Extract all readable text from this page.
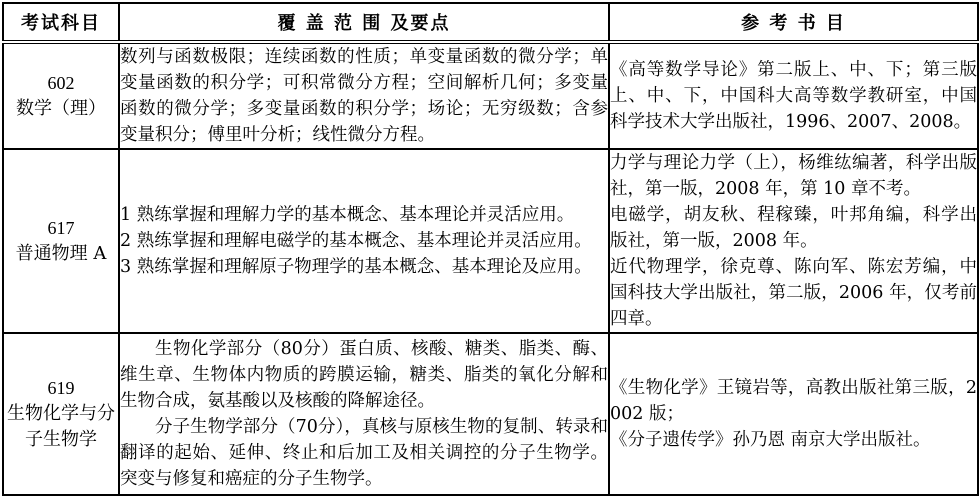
考试科目	覆 盖 范 围 及要点	参 考 书 目

602
数学（理）	数列与函数极限；连续函数的性质；单变量函数的微分学；单变量函数的积分学；可积常微分方程；空间解析几何；多变量函数的微分学；多变量函数的积分学；场论；无穷级数；含参变量积分；傅里叶分析；线性微分方程。	《高等数学导论》第二版上、中、下；第三版上、中、下，中国科大高等数学教研室，中国科学技术大学出版社，1996、2007、2008。

617
普通物理 A	1 熟练掌握和理解力学的基本概念、基本理论并灵活应用。
2 熟练掌握和理解电磁学的基本概念、基本理论并灵活应用。
3 熟练掌握和理解原子物理学的基本概念、基本理论及应用。	力学与理论力学（上），杨维纮编著，科学出版社，第一版，2008 年，第 10 章不考。
电磁学，胡友秋、程稼臻，叶邦角编，科学出版社，第一版，2008 年。
近代物理学，徐克尊、陈向军、陈宏芳编，中国科技大学出版社，第二版，2006 年，仅考前四章。

619
生物化学与分子生物学	生物化学部分（80分）蛋白质、核酸、糖类、脂类、酶、维生章、生物体内物质的跨膜运输，糖类、脂类的氧化分解和生物合成，氨基酸以及核酸的降解途径。
分子生物学部分（70分），真核与原核生物的复制、转录和翻译的起始、延伸、终止和后加工及相关调控的分子生物学。突变与修复和癌症的分子生物学。	《生物化学》王镜岩等，高教出版社第三版，2002 版；
《分子遗传学》孙乃恩 南京大学出版社。
